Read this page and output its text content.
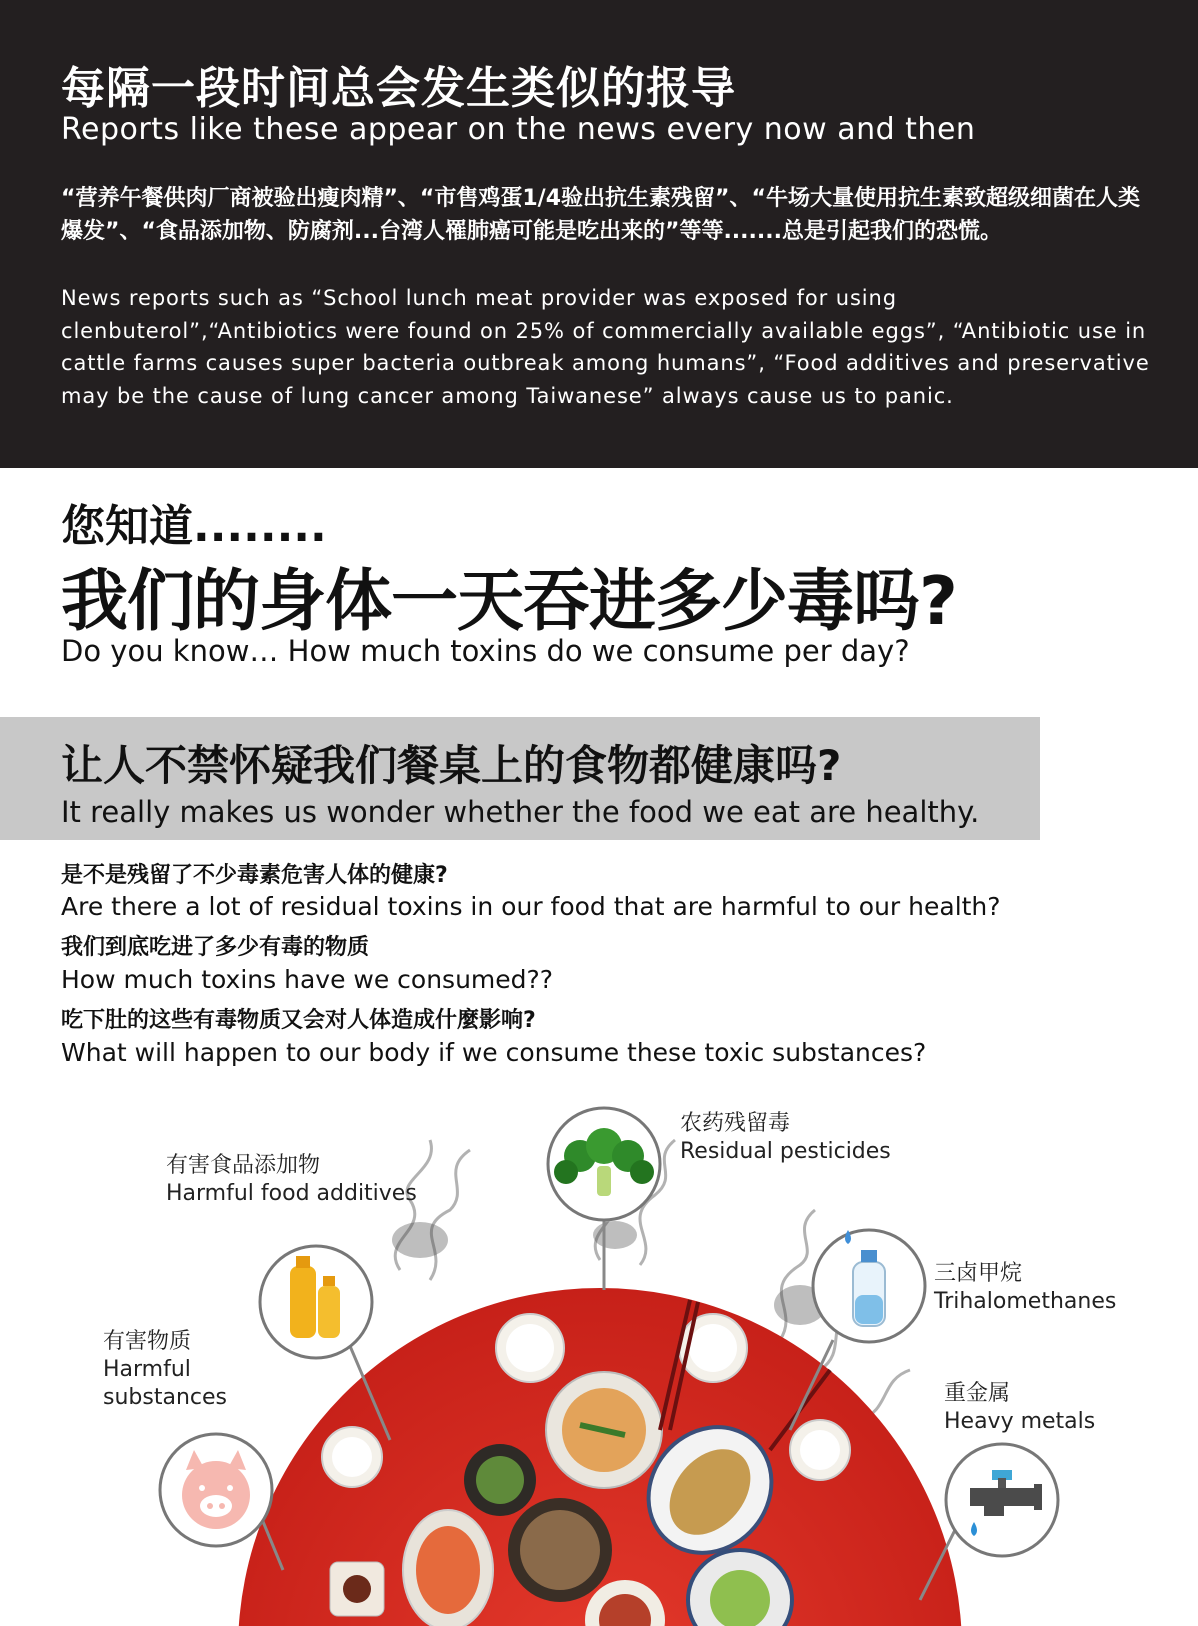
每隔一段时间总会发生类似的报导
Reports like these appear on the news every now and then
“营养午餐供肉厂商被验出瘦肉精”、“市售鸡蛋1/4验出抗生素残留”、“牛场大量使用抗生素致超级细菌在人类爆发”、“食品添加物、防腐剂...台湾人罹肺癌可能是吃出来的”等等.......总是引起我们的恐慌。
News reports such as “School lunch meat provider was exposed for using clenbuterol”,“Antibiotics were found on 25% of commercially available eggs”, “Antibiotic use in cattle farms causes super bacteria outbreak among humans”, “Food additives and preservative may be the cause of lung cancer among Taiwanese” always cause us to panic.
您知道........
我们的身体一天吞进多少毒吗?
Do you know… How much toxins do we consume per day?
让人不禁怀疑我们餐桌上的食物都健康吗?
It really makes us wonder whether the food we eat are healthy.
是不是残留了不少毒素危害人体的健康?
Are there a lot of residual toxins in our food that are harmful to our health?
我们到底吃进了多少有毒的物质
How much toxins have we consumed??
吃下肚的这些有毒物质又会对人体造成什麼影响?
What will happen to our body if we consume these toxic substances?
农药残留毒
Residual pesticides
有害食品添加物
Harmful food additives
三卤甲烷
Trihalomethanes
有害物质
Harmful
substances	重金属
Heavy metals
